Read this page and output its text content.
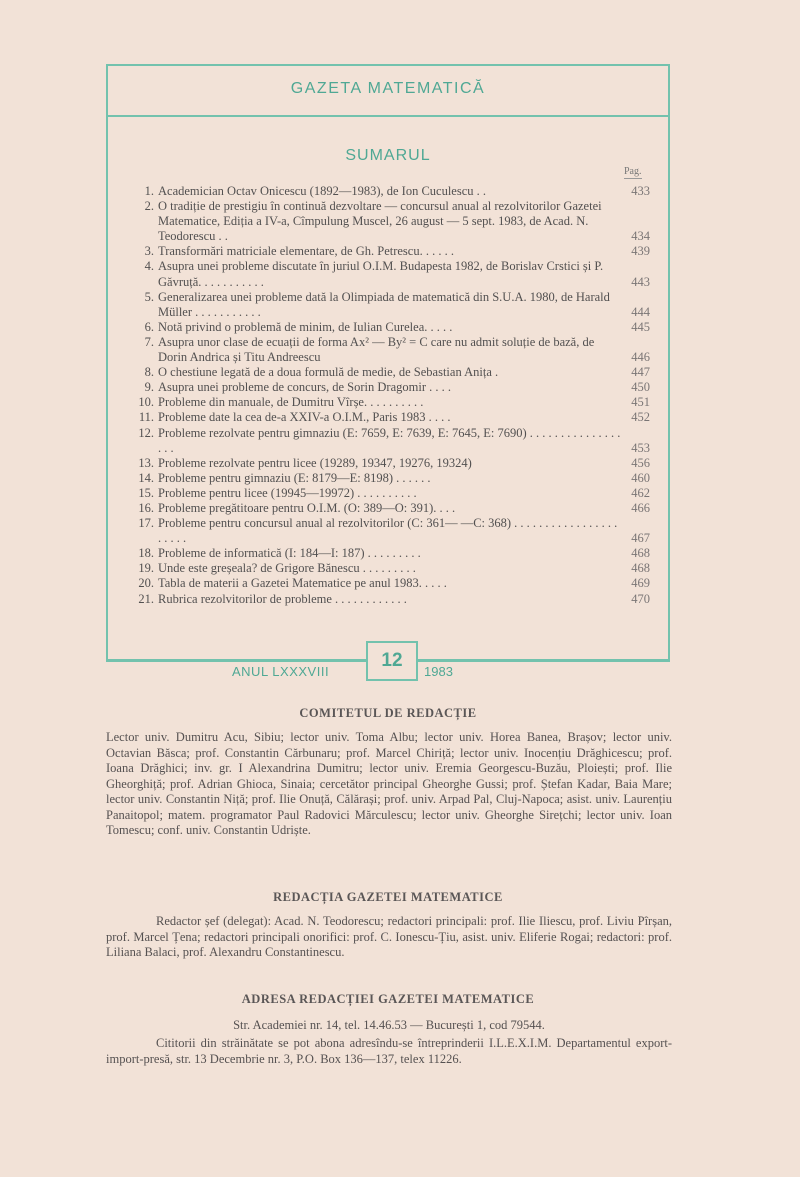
GAZETA MATEMATICĂ
SUMARUL
Pag.
1. Academician Octav Onicescu (1892—1983), de Ion Cuculescu . .	433
2. O tradiție de prestigiu în continuă dezvoltare — concursul anual al rezolvitorilor Gazetei Matematice, Ediția a IV-a, Cîmpulung Muscel, 26 august — 5 sept. 1983, de Acad. N. Teodorescu . .	434
3. Transformări matriciale elementare, de Gh. Petrescu. . . . . .	439
4. Asupra unei probleme discutate în juriul O.I.M. Budapesta 1982, de Borislav Crstici și P. Găvruță. . . . . . . . . . .	443
5. Generalizarea unei probleme dată la Olimpiada de matematică din S.U.A. 1980, de Harald Müller . . . . . . . . . . .	444
6. Notă privind o problemă de minim, de Iulian Curelea. . . . .	445
7. Asupra unor clase de ecuații de forma Ax² — By² = C care nu admit soluție de bază, de Dorin Andrica și Titu Andreescu	446
8. O chestiune legată de a doua formulă de medie, de Sebastian Anița .	447
9. Asupra unei probleme de concurs, de Sorin Dragomir . . . .	450
10. Probleme din manuale, de Dumitru Vîrșe. . . . . . . . . .	451
11. Probleme date la cea de-a XXIV-a O.I.M., Paris 1983 . . . .	452
12. Probleme rezolvate pentru gimnaziu (E: 7659, E: 7639, E: 7645, E: 7690) . . . . . . . . . . . . . . . . . .	453
13. Probleme rezolvate pentru licee (19289, 19347, 19276, 19324)	456
14. Probleme pentru gimnaziu (E: 8179—E: 8198) . . . . . .	460
15. Probleme pentru licee (19945—19972) . . . . . . . . . .	462
16. Probleme pregătitoare pentru O.I.M. (O: 389—O: 391). . . .	466
17. Probleme pentru concursul anual al rezolvitorilor (C: 361— —C: 368) . . . . . . . . . . . . . . . . . . . . . .	467
18. Probleme de informatică (I: 184—I: 187) . . . . . . . . .	468
19. Unde este greșeala? de Grigore Bănescu . . . . . . . . .	468
20. Tabla de materii a Gazetei Matematice pe anul 1983. . . . .	469
21. Rubrica rezolvitorilor de probleme . . . . . . . . . . . .	470
ANUL LXXXVIII
12
1983
COMITETUL DE REDACȚIE
Lector univ. Dumitru Acu, Sibiu; lector univ. Toma Albu; lector univ. Horea Banea, Brașov; lector univ. Octavian Băsca; prof. Constantin Cărbunaru; prof. Marcel Chiriță; lector univ. Inocențiu Drăghicescu; prof. Ioana Drăghici; inv. gr. I Alexandrina Dumitru; lector univ. Eremia Georgescu-Buzău, Ploiești; prof. Ilie Gheorghiță; prof. Adrian Ghioca, Sinaia; cercetător principal Gheorghe Gussi; prof. Ștefan Kadar, Baia Mare; lector univ. Constantin Niță; prof. Ilie Onuță, Călărași; prof. univ. Arpad Pal, Cluj-Napoca; asist. univ. Laurențiu Panaitopol; matem. programator Paul Radovici Mărculescu; lector univ. Gheorghe Sirețchi; lector univ. Ioan Tomescu; conf. univ. Constantin Udriște.
REDACȚIA GAZETEI MATEMATICE
Redactor șef (delegat): Acad. N. Teodorescu; redactori principali: prof. Ilie Iliescu, prof. Liviu Pîrșan, prof. Marcel Țena; redactori principali onorifici: prof. C. Ionescu-Țiu, asist. univ. Eliferie Rogai; redactori: prof. Liliana Balaci, prof. Alexandru Constantinescu.
ADRESA REDACȚIEI GAZETEI MATEMATICE
Str. Academiei nr. 14, tel. 14.46.53 — București 1, cod 79544.
Cititorii din străinătate se pot abona adresîndu-se întreprinderii I.L.E.X.I.M. Departamentul export-import-presă, str. 13 Decembrie nr. 3, P.O. Box 136—137, telex 11226.
